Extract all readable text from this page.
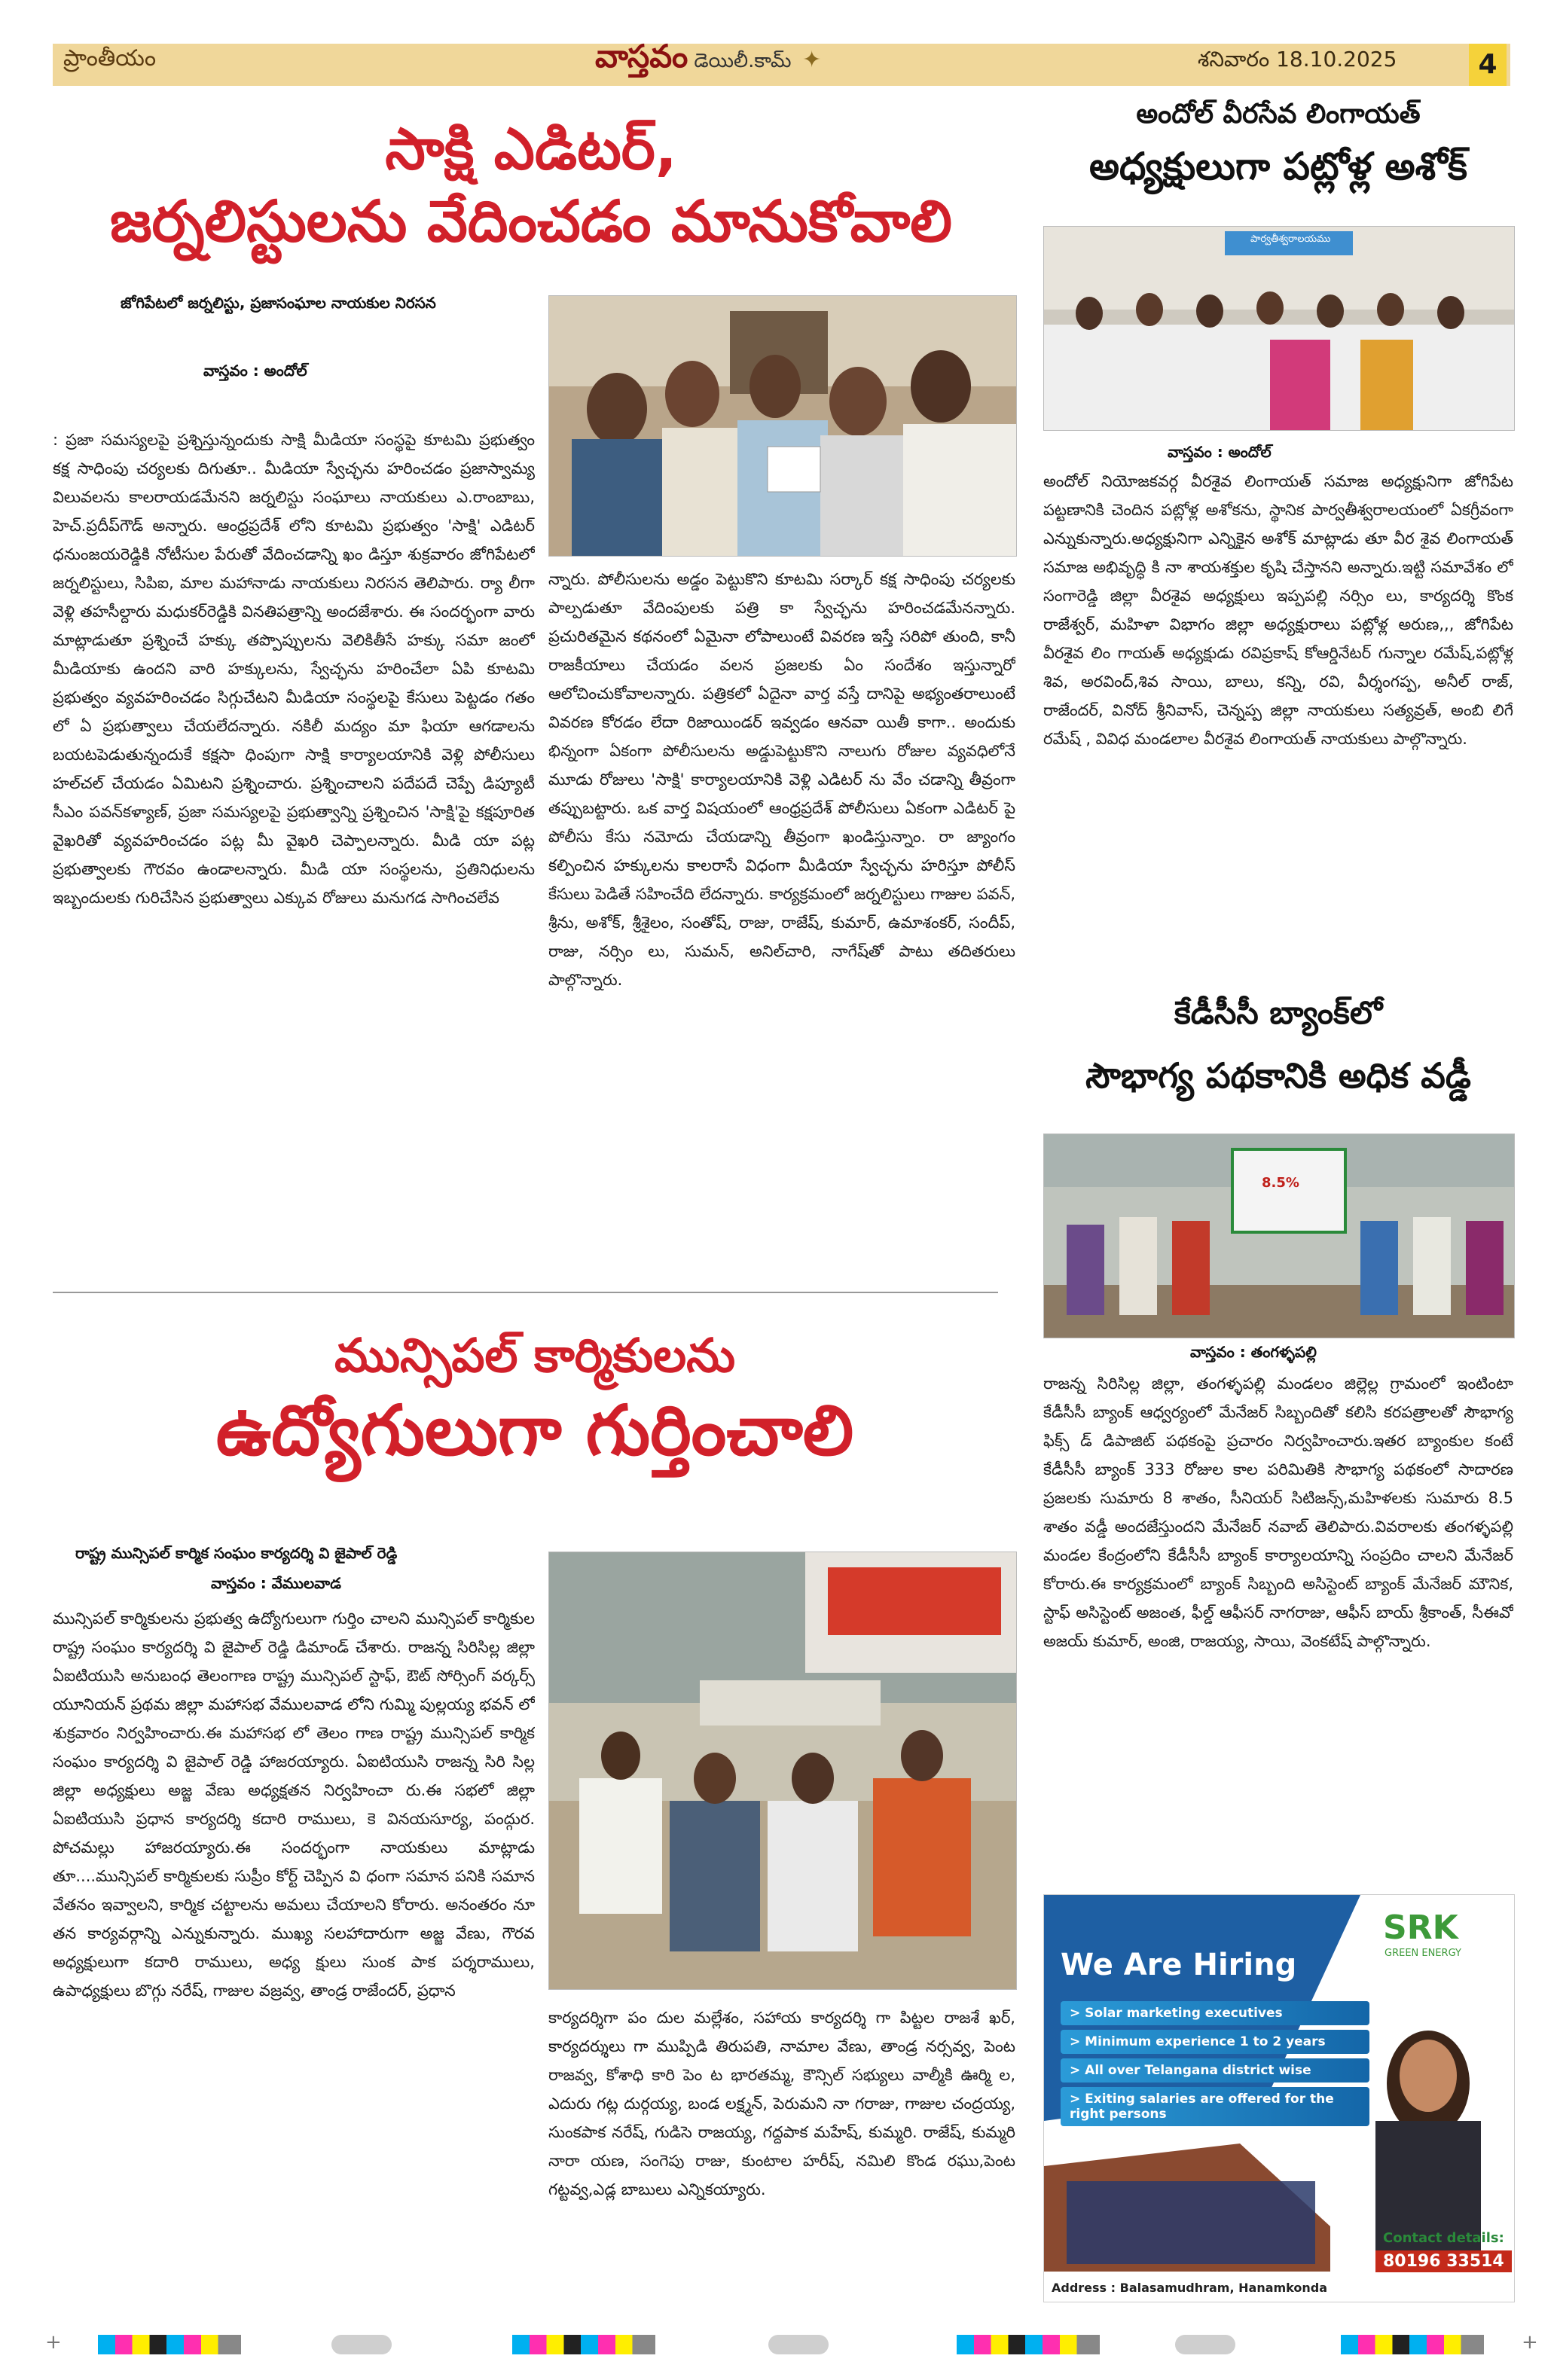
ప్రాంతీయం	వాస్తవం డెయిలీ.కామ్ ✦	శనివారం 18.10.2025	4
సాక్షి ఎడిటర్,
జర్నలిస్టులను వేదించడం మానుకోవాలి
జోగిపేటలో జర్నలిస్టు, ప్రజాసంఘాల నాయకుల నిరసన
వాస్తవం : అందోల్
: ప్రజా సమస్యలపై ప్రశ్నిస్తున్నందుకు సాక్షి మీడియా సంస్థపై కూటమి ప్రభుత్వం కక్ష సాధింపు చర్యలకు దిగుతూ.. మీడియా స్వేచ్ఛను హరించడం ప్రజాస్వామ్య విలువలను కాలరాయడమేనని జర్నలిస్టు సంఘాలు నాయకులు ఎ.రాంబాబు, హెచ్.ప్రదీప్‌గౌడ్ అన్నారు. ఆంధ్రప్రదేశ్ లోని కూటమి ప్రభుత్వం 'సాక్షి' ఎడిటర్ ధనుంజయరెడ్డికి నోటీసుల పేరుతో వేదించడాన్ని ఖం డిస్తూ శుక్రవారం జోగిపేటలో జర్నలిస్టులు, సిపిఐ, మాల మహానాడు నాయకులు నిరసన తెలిపారు. ర్యా లీగా వెళ్లి తహసీల్దారు మధుకర్‌రెడ్డికి వినతిపత్రాన్ని అందజేశారు. ఈ సందర్భంగా వారు మాట్లాడుతూ ప్రశ్నించే హక్కు తప్పొప్పులను వెలికితీసే హక్కు సమా జంలో మీడియాకు ఉందని వారి హక్కులను, స్వేచ్ఛను హరించేలా ఏపి కూటమి ప్రభుత్వం వ్యవహరించడం సిగ్గుచేటని మీడియా సంస్థలపై కేసులు పెట్టడం గతం లో ఏ ప్రభుత్వాలు చేయలేదన్నారు. నకిలీ మద్యం మా ఫియా ఆగడాలను బయటపెడుతున్నందుకే కక్షసా ధింపుగా సాక్షి కార్యాలయానికి వెళ్లి పోలీసులు హల్‌చల్ చేయడం ఏమిటని ప్రశ్నించారు. ప్రశ్నించాలని పదేపదే చెప్పే డిప్యూటీ సీఎం పవన్‌కళ్యాణ్, ప్రజా సమస్యలపై ప్రభుత్వాన్ని ప్రశ్నించిన 'సాక్షి'పై కక్షపూరిత వైఖరితో వ్యవహరించడం పట్ల మీ వైఖరి చెప్పాలన్నారు. మీడి యా పట్ల ప్రభుత్వాలకు గౌరవం ఉండాలన్నారు. మీడి యా సంస్థలను, ప్రతినిధులను ఇబ్బందులకు గురిచేసిన ప్రభుత్వాలు ఎక్కువ రోజులు మనుగడ సాగించలేవ
న్నారు. పోలీసులను అడ్డం పెట్టుకొని కూటమి సర్కార్ కక్ష సాధింపు చర్యలకు పాల్పడుతూ వేదింపులకు పత్రి కా స్వేచ్ఛను హరించడమేనన్నారు. ప్రచురితమైన కథనంలో ఏమైనా లోపాలుంటే వివరణ ఇస్తే సరిపో తుంది, కానీ రాజకీయాలు చేయడం వలన ప్రజలకు ఏం సందేశం ఇస్తున్నారో ఆలోచించుకోవాలన్నారు. పత్రికలో ఏదైనా వార్త వస్తే దానిపై అభ్యంతరాలుంటే వివరణ కోరడం లేదా రిజాయిండర్ ఇవ్వడం ఆనవా యితీ కాగా.. అందుకు భిన్నంగా ఏకంగా పోలీసులను అడ్డుపెట్టుకొని నాలుగు రోజుల వ్యవధిలోనే మూడు రోజులు 'సాక్షి' కార్యాలయానికి వెళ్లి ఎడిటర్ ను వేం చడాన్ని తీవ్రంగా తప్పుబట్టారు. ఒక వార్త విషయంలో ఆంధ్రప్రదేశ్ పోలీసులు ఏకంగా ఎడిటర్ పై పోలీసు కేసు నమోదు చేయడాన్ని తీవ్రంగా ఖండిస్తున్నాం. రా జ్యాంగం కల్పించిన హక్కులను కాలరాసే విధంగా మీడియా స్వేచ్ఛను హరిస్తూ పోలీస్ కేసులు పెడితే సహించేది లేదన్నారు. కార్యక్రమంలో జర్నలిస్టులు గాజుల పవన్, శ్రీను, అశోక్, శ్రీశైలం, సంతోష్, రాజు, రాజేష్, కుమార్, ఉమాశంకర్, సందీప్, రాజు, నర్సిం లు, సుమన్, అనిల్‌చారి, నాగేష్‌తో పాటు తదితరులు పాల్గొన్నారు.
మున్సిపల్ కార్మికులను
ఉద్యోగులుగా గుర్తించాలి
రాష్ట్ర మున్సిపల్ కార్మిక సంఘం కార్యదర్శి వి జైపాల్ రెడ్డి
వాస్తవం : వేములవాడ
మున్సిపల్ కార్మికులను ప్రభుత్వ ఉద్యోగులుగా గుర్తిం చాలని మున్సిపల్ కార్మికుల రాష్ట్ర సంఘం కార్యదర్శి వి జైపాల్ రెడ్డి డిమాండ్ చేశారు. రాజన్న సిరిసిల్ల జిల్లా ఏఐటియుసి అనుబంధ తెలంగాణ రాష్ట్ర మున్సిపల్ స్టాఫ్, ఔట్ సోర్సింగ్ వర్కర్స్ యూనియన్ ప్రథమ జిల్లా మహాసభ వేములవాడ లోని గుమ్మి పుల్లయ్య భవన్ లో శుక్రవారం నిర్వహించారు.ఈ మహాసభ లో తెలం గాణ రాష్ట్ర మున్సిపల్ కార్మిక సంఘం కార్యదర్శి వి జైపాల్ రెడ్డి హాజరయ్యారు. ఏఐటియుసి రాజన్న సిరి సిల్ల జిల్లా అధ్యక్షులు అజ్జ వేణు అధ్యక్షతన నిర్వహించా రు.ఈ సభలో జిల్లా ఏఐటియుసి ప్రధాన కార్యదర్శి కదారి రాములు, కె వినయసూర్య, పంద్గుర. పోచమల్లు హాజరయ్యారు.ఈ సందర్భంగా నాయకులు మాట్లాడు తూ....మున్సిపల్ కార్మికులకు సుప్రీం కోర్ట్ చెప్పిన వి ధంగా సమాన పనికి సమాన వేతనం ఇవ్వాలని, కార్మిక చట్టాలను అమలు చేయాలని కోరారు. అనంతరం నూ తన కార్యవర్గాన్ని ఎన్నుకున్నారు. ముఖ్య సలహాదారుగా అజ్జ వేణు, గౌరవ అధ్యక్షులుగా కదారి రాములు, అధ్య క్షులు సుంక పాక పర్శరాములు, ఉపాధ్యక్షులు బొగ్గు నరేష్, గాజుల వజ్రవ్వ, తాండ్ర రాజేందర్, ప్రధాన
కార్యదర్శిగా పం దుల మల్లేశం, సహాయ కార్యదర్శి గా పిట్టల రాజశే ఖర్, కార్యదర్శులు గా ముప్పిడి తిరుపతి, నామాల వేణు, తాండ్ర నర్సవ్వ, పెంట రాజవ్వ, కోశాధి కారి పెం ట భారతమ్మ, కౌన్సిల్ సభ్యులు వాల్మీకి ఊర్మి ల, ఎదురు గట్ల దుర్గయ్య, బండ లక్ష్మన్, పెరుమని నా గరాజు, గాజుల చంద్రయ్య, సుంకపాక నరేష్, గుడిసె రాజయ్య, గద్దపాక మహేష్, కుమ్మరి. రాజేష్, కుమ్మరి నారా యణ, సంగెపు రాజు, కుంటాల హరీష్, నమిలి కొండ రఘు,పెంట గట్టవ్వ,ఎడ్ల బాబులు ఎన్నికయ్యారు.
అందోల్ వీరసేవ లింగాయత్
అధ్యక్షులుగా పట్లోళ్ల అశోక్
పార్వతీశ్వరాలయము
వాస్తవం : అందోల్
అందోల్ నియోజకవర్గ వీరశైవ లింగాయత్ సమాజ అధ్యక్షునిగా జోగిపేట పట్టణానికి చెందిన పట్లోళ్ల అశోకను, స్థానిక పార్వతీశ్వరాలయంలో ఏకగ్రీవంగా ఎన్నుకున్నారు.అధ్యక్షునిగా ఎన్నికైన అశోక్ మాట్లాడు తూ వీర శైవ లింగాయత్ సమాజ అభివృద్ధి కి నా శాయశక్తుల కృషి చేస్తానని అన్నారు.ఇట్టి సమావేశం లో సంగారెడ్డి జిల్లా వీరశైవ అధ్యక్షులు ఇప్పపల్లి నర్సిం లు, కార్యదర్శి కొంక రాజేశ్వర్, మహిళా విభాగం జిల్లా అధ్యక్షురాలు పట్లోళ్ల అరుణ,,, జోగిపేట వీరశైవ లిం గాయత్ అధ్యక్షుడు రవిప్రకాష్ కోఆర్డినేటర్ గున్నాల రమేష్,పట్లోళ్ల శివ, అరవింద్,శివ సాయి, బాలు, కన్ని, రవి, వీర్శంగప్ప, అనీల్ రాజ్, రాజేందర్, వినోద్ శ్రీనివాస్, చెన్నప్ప జిల్లా నాయకులు సత్యవ్రత్, అంబి లిగే రమేష్ , వివిధ మండలాల వీరశైవ లింగాయత్ నాయకులు పాల్గొన్నారు.
కేడీసీసీ బ్యాంక్‌లో
సౌభాగ్య పథకానికి అధిక వడ్డీ
8.5%
వాస్తవం : తంగళ్ళపల్లి
రాజన్న సిరిసిల్ల జిల్లా, తంగళ్ళపల్లి మండలం జిల్లెల్ల గ్రామంలో ఇంటింటా కేడీసీసీ బ్యాంక్ ఆధ్వర్యంలో మేనేజర్ సిబ్బందితో కలిసి కరపత్రాలతో సౌభాగ్య ఫిక్స్ డ్ డిపాజిట్ పథకంపై ప్రచారం నిర్వహించారు.ఇతర బ్యాంకుల కంటే కేడీసీసీ బ్యాంక్ 333 రోజుల కాల పరిమితికి సౌభాగ్య పథకంలో సాదారణ ప్రజలకు సుమారు 8 శాతం, సీనియర్ సిటిజన్స్,మహిళలకు సుమారు 8.5 శాతం వడ్డీ అందజేస్తుందని మేనేజర్ నవాబ్ తెలిపారు.వివరాలకు తంగళ్ళపల్లి మండల కేంద్రంలోని కేడీసీసీ బ్యాంక్ కార్యాలయాన్ని సంప్రదిం చాలని మేనేజర్ కోరారు.ఈ కార్యక్రమంలో బ్యాంక్ సిబ్బంది అసిస్టెంట్ బ్యాంక్ మేనేజర్ మౌనిక, స్టాఫ్ అసిస్టెంట్ అజంత, ఫీల్డ్ ఆఫీసర్ నాగరాజు, ఆఫీస్ బాయ్ శ్రీకాంత్, సీఈవో అజయ్ కుమార్, అంజి, రాజయ్య, సాయి, వెంకటేష్ పాల్గొన్నారు.
SRK
GREEN ENERGY
We Are Hiring
> Solar marketing executives
> Minimum experience 1 to 2 years
> All over Telangana district wise
> Exiting salaries are offered for the right persons
Contact details:
80196 33514
Address : Balasamudhram, Hanamkonda
+	+
